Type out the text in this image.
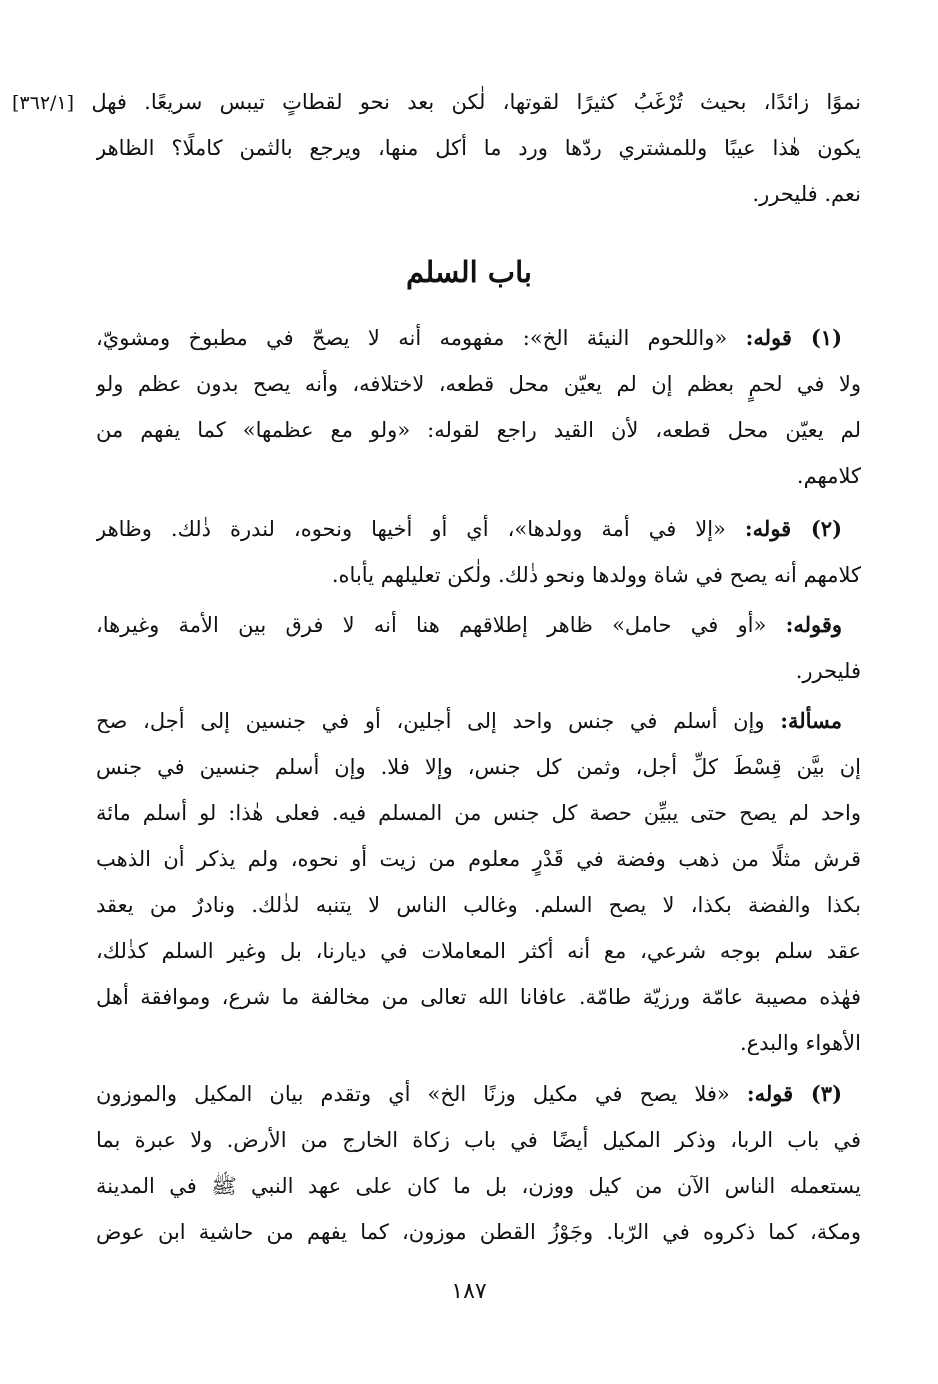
نموًا زائدًا، بحيث تُرْغَبُ كثيرًا لقوتها، لٰكن بعد نحو لقطاتٍ تيبس سريعًا. فهل [٣٦٢/١]
يكون هٰذا عيبًا وللمشتري ردّها ورد ما أكل منها، ويرجع بالثمن كاملًا؟ الظاهر
نعم. فليحرر.
باب السلم
(١) قوله: «واللحوم النيئة الخ»: مفهومه أنه لا يصحّ في مطبوخ ومشويّ،
ولا في لحمٍ بعظم إن لم يعيّن محل قطعه، لاختلافه، وأنه يصح بدون عظم ولو
لم يعيّن محل قطعه، لأن القيد راجع لقوله: «ولو مع عظمها» كما يفهم من
كلامهم.
(٢) قوله: «إلا في أمة وولدها»، أي أو أخيها ونحوه، لندرة ذٰلك. وظاهر
كلامهم أنه يصح في شاة وولدها ونحو ذٰلك. ولٰكن تعليلهم يأباه.
وقوله: «أو في حامل» ظاهر إطلاقهم هنا أنه لا فرق بين الأمة وغيرها،
فليحرر.
مسألة: وإن أسلم في جنس واحد إلى أجلين، أو في جنسين إلى أجل، صح
إن بيَّن قِسْطَ كلِّ أجل، وثمن كل جنس، وإلا فلا. وإن أسلم جنسين في جنس
واحد لم يصح حتى يبيِّن حصة كل جنس من المسلم فيه. فعلى هٰذا: لو أسلم مائة
قرش مثلًا من ذهب وفضة في قَدْرٍ معلوم من زيت أو نحوه، ولم يذكر أن الذهب
بكذا والفضة بكذا، لا يصح السلم. وغالب الناس لا يتنبه لذٰلك. ونادرٌ من يعقد
عقد سلم بوجه شرعي، مع أنه أكثر المعاملات في ديارنا، بل وغير السلم كذٰلك،
فهٰذه مصيبة عامّة ورزيّة طامّة. عافانا الله تعالى من مخالفة ما شرع، وموافقة أهل
الأهواء والبدع.
(٣) قوله: «فلا يصح في مكيل وزنًا الخ» أي وتقدم بيان المكيل والموزون
في باب الربا، وذكر المكيل أيضًا في باب زكاة الخارج من الأرض. ولا عبرة بما
يستعمله الناس الآن من كيل ووزن، بل ما كان على عهد النبي ﷺ في المدينة
ومكة، كما ذكروه في الرّبا. وجَوْزُ القطن موزون، كما يفهم من حاشية ابن عوض
١٨٧
